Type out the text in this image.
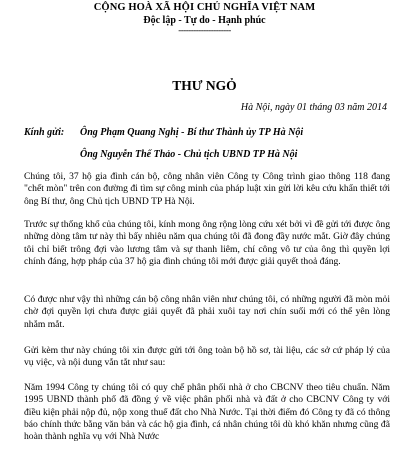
CỘNG HOÀ XÃ HỘI CHỦ NGHĨA VIỆT NAM
Độc lập - Tự do - Hạnh phúc
---------------------
THƯ NGỎ
Hà Nội, ngày 01 tháng 03 năm 2014
Kính gửi: Ông Phạm Quang Nghị - Bí thư Thành ủy TP Hà Nội
Ông Nguyễn Thế Thảo - Chủ tịch UBND TP Hà Nội

Chúng tôi, 37 hộ gia đình cán bộ, công nhân viên Công ty Công trình giao thông 118 đang "chết mòn" trên con đường đi tìm sự công minh của pháp luật xin gửi lời kêu cứu khẩn thiết tới ông Bí thư, ông Chủ tịch UBND TP Hà Nội.

Trước sự thống khổ của chúng tôi, kính mong ông rộng lòng cứu xét bởi vì đề gửi tới được ông những dòng tâm tư này thì bấy nhiêu năm qua chúng tôi đã đong đầy nước mắt. Giờ đây chúng tôi chỉ biết trông đợi vào lương tâm và sự thanh liêm, chí công vô tư của ông thì quyền lợi chính đáng, hợp pháp của 37 hộ gia đình chúng tôi mới được giải quyết thoả đáng.

Có được như vậy thì những cán bộ công nhân viên như chúng tôi, có những người đã mòn mỏi chờ đợi quyền lợi chưa được giải quyết đã phải xuôi tay nơi chín suối mới có thể yên lòng nhắm mắt.

Gửi kèm thư này chúng tôi xin được gửi tới ông toàn bộ hồ sơ, tài liệu, các sở cứ pháp lý của vụ việc, và nội dung vắn tắt như sau:

Năm 1994 Công ty chúng tôi có quy chế phân phối nhà ở cho CBCNV theo tiêu chuẩn. Năm 1995 UBND thành phố đã đồng ý về việc phân phối nhà và đất ở cho CBCNV Công ty với điều kiện phải nộp đủ, nộp xong thuế đất cho Nhà Nước. Tại thời điểm đó Công ty đã có thông báo chính thức bằng văn bản và các hộ gia đình, cá nhân chúng tôi dù khó khăn nhưng cũng đã hoàn thành nghĩa vụ với Nhà Nước
